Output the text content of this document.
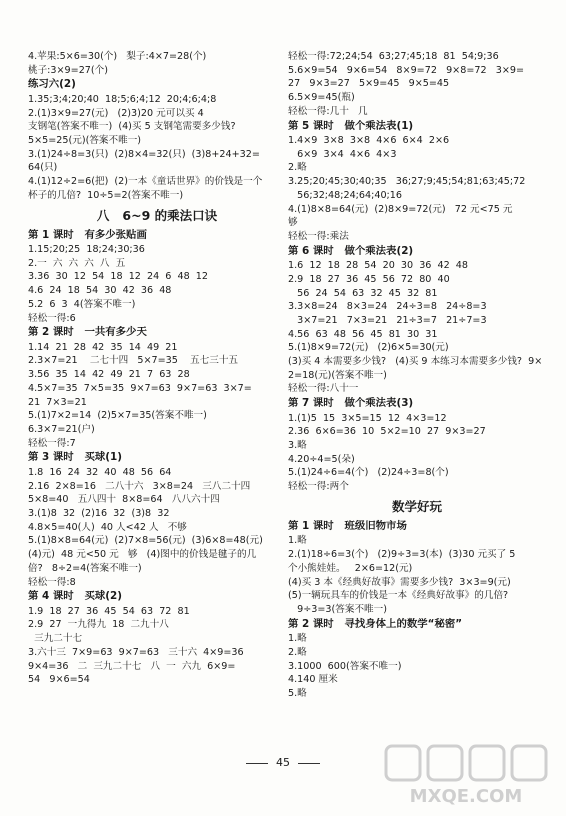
4.苹果:5×6=30(个)   梨子:4×7=28(个)
桃子:3×9=27(个)
练习六(2)
1.35;3;4;20;40  18;5;6;4;12  20;4;6;4;8
2.(1)3×9=27(元)   (2)3)20 元可以买 4
支钢笔(答案不唯一)  (4)买 5 支钢笔需要多少钱?
5×5=25(元)(答案不唯一)
3.(1)24÷8=3(只)  (2)8×4=32(只)  (3)8+24+32=
64(只)
4.(1)12÷2=6(把)  (2)一本《童话世界》的价钱是一个
杯子的几倍?  10÷5=2(答案不唯一)
八   6~9 的乘法口诀
第 1 课时   有多少张贴画
1.15;20;25  18;24;30;36
2.一  六  六  六  八  五
3.36  30  12  54  18  12  24  6  48  12
4.6  24  18  54  30  42  36  48
5.2  6  3  4(答案不唯一)
轻松一得:6
第 2 课时   一共有多少天
1.14  21  28  42  35  14  49  21
2.3×7=21    二七十四   5×7=35    五七三十五
3.56  35  14  42  49  21  7  63  28
4.5×7=35  7×5=35  9×7=63  9×7=63  3×7=
21  7×3=21
5.(1)7×2=14  (2)5×7=35(答案不唯一)
6.3×7=21(户)
轻松一得:7
第 3 课时   买球(1)
1.8  16  24  32  40  48  56  64
2.16  2×8=16   二八十六   3×8=24   三八二十四
5×8=40   五八四十  8×8=64   八八六十四
3.(1)8  32  (2)16  32  (3)8  32
4.8×5=40(人)  40 人<42 人   不够
5.(1)8×8=64(元)  (2)7×8=56(元)  (3)6×8=48(元)
(4)元)  48 元<50 元   够   (4)图中的价钱是毽子的几
倍?   8÷2=4(答案不唯一)
轻松一得:8
第 4 课时   买球(2)
1.9  18  27  36  45  54  63  72  81
2.9  27  一九得九  18  二九十八
三九二十七
3.六十三  7×9=63  9×7=63   三十六  4×9=36
9×4=36   二  三九二十七   八  一  六九  6×9=
54   9×6=54
轻松一得:72;24;54  63;27;45;18  81  54;9;36
5.6×9=54   9×6=54   8×9=72   9×8=72   3×9=
27   9×3=27   5×9=45   9×5=45
6.5×9=45(瓶)
轻松一得:几十   几
第 5 课时   做个乘法表(1)
1.4×9  3×8  3×8  4×6  6×4  2×6
6×9  3×4  4×6  4×3
2.略
3.25;20;45;30;40;35   36;27;9;45;54;81;63;45;72
56;32;48;24;64;40;16
4.(1)8×8=64(元)  (2)8×9=72(元)   72 元<75 元
够
轻松一得:乘法
第 6 课时   做个乘法表(2)
1.6  12  18  28  54  20  30  36  42  48
2.9  18  27  36  45  56  72  80  40
56  24  54  63  32  45  32  81
3.3×8=24   8×3=24   24÷3=8   24÷8=3
3×7=21   7×3=21   21÷3=7   21÷7=3
4.56  63  48  56  45  81  30  31
5.(1)8×9=72(元)   (2)6×5=30(元)
(3)买 4 本需要多少钱?   (4)买 9 本练习本需要多少钱?  9×
2=18(元)(答案不唯一)
轻松一得:八十一
第 7 课时   做个乘法表(3)
1.(1)5  15  3×5=15  12  4×3=12
2.36  6×6=36  10  5×2=10  27  9×3=27
3.略
4.20÷4=5(朵)
5.(1)24÷6=4(个)   (2)24÷3=8(个)
轻松一得:两个
数学好玩
第 1 课时   班级旧物市场
1.略
2.(1)18÷6=3(个)   (2)9÷3=3(本)  (3)30 元买了 5
个小熊娃娃。   2×6=12(元)
(4)买 3 本《经典好故事》需要多少钱?  3×3=9(元)
(5)一辆玩具车的价钱是一本《经典好故事》的几倍?
9÷3=3(答案不唯一)
第 2 课时   寻找身体上的数学“秘密”
1.略
2.略
3.1000  600(答案不唯一)
4.140 厘米
5.略
45
MXQE.COM
